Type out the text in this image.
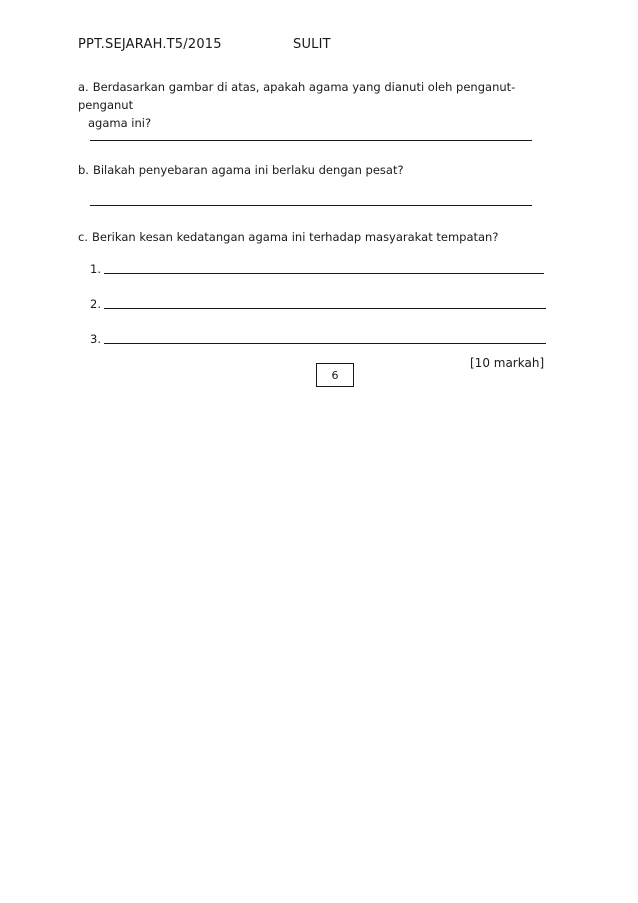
PPT.SEJARAH.T5/2015	SULIT
a. Berdasarkan gambar di atas, apakah agama yang dianuti oleh penganut-penganut
agama ini?
b. Bilakah penyebaran agama ini berlaku dengan pesat?
c. Berikan kesan kedatangan agama ini terhadap masyarakat tempatan?
1.
2.
3.
[10 markah]
6
